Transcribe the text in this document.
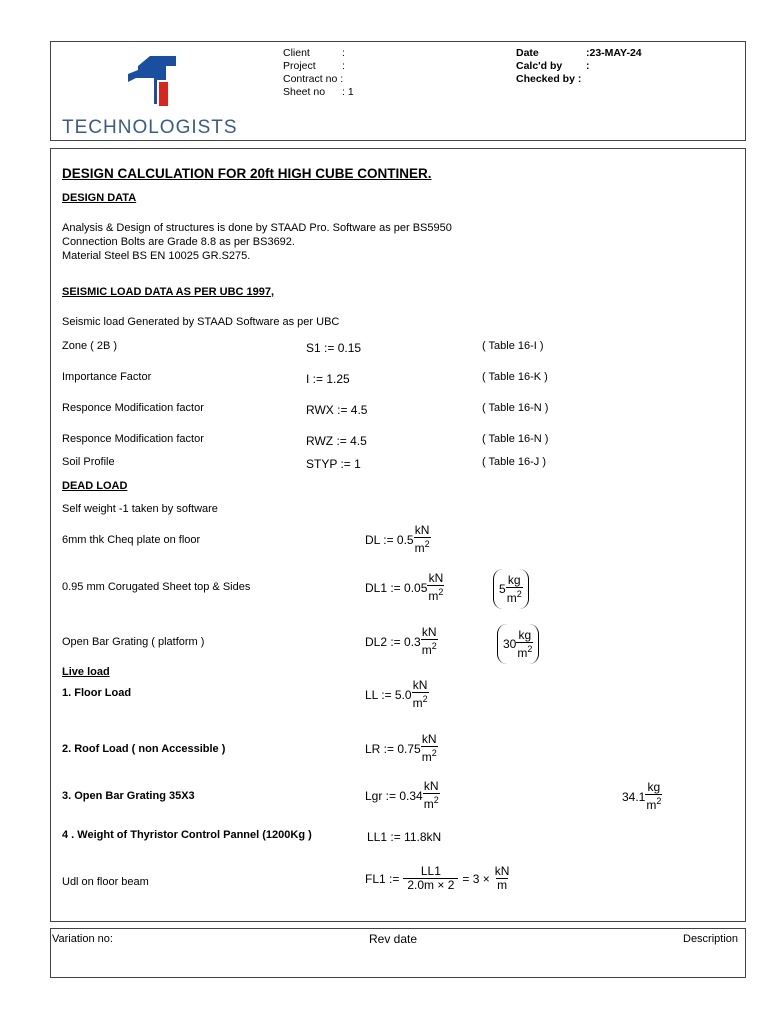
TECHNOLOGISTS
Client	:
Project	:
Contract no :
Sheet no : 1
Date	:23-MAY-24
Calc'd by :
Checked by :
DESIGN CALCULATION FOR 20ft HIGH CUBE CONTINER.
DESIGN DATA
Analysis & Design of structures is done by STAAD Pro. Software as per BS5950
Connection Bolts are Grade 8.8 as per BS3692.
Material Steel BS EN 10025 GR.S275.
SEISMIC LOAD DATA AS PER UBC 1997,
Seismic load Generated by STAAD Software as per UBC
Zone ( 2B )	S1 := 0.15	( Table 16-I )
Importance Factor	I := 1.25	( Table 16-K )
Responce Modification factor	RWX := 4.5	( Table 16-N )
Responce Modification factor	RWZ := 4.5	( Table 16-N )
Soil Profile	STYP := 1	( Table 16-J )
DEAD LOAD
Self weight -1 taken by software
6mm thk Cheq plate on floor	DL := $0.5 \frac{kN}{m^2}$
0.95 mm Corugated Sheet top & Sides	DL1 := $0.05 \frac{kN}{m^2}$	$5 \frac{kg}{m^2}$
Open Bar Grating ( platform )	DL2 := $0.3 \frac{kN}{m^2}$	$30 \frac{kg}{m^2}$
Live load
1. Floor Load	LL := $5.0 \frac{kN}{m^2}$
2. Roof Load ( non Accessible )	LR := $0.75 \frac{kN}{m^2}$
3. Open Bar Grating 35X3	Lgr := $0.34 \frac{kN}{m^2}$	$34.1 \frac{kg}{m^2}$
4 . Weight of Thyristor Control Pannel (1200Kg )	LL1 := 11.8kN
Udl on floor beam	FL1 := $\frac{LL1}{2.0m \times 2} = 3 \times \frac{kN}{m}$
Variation no:	Rev date	Description
